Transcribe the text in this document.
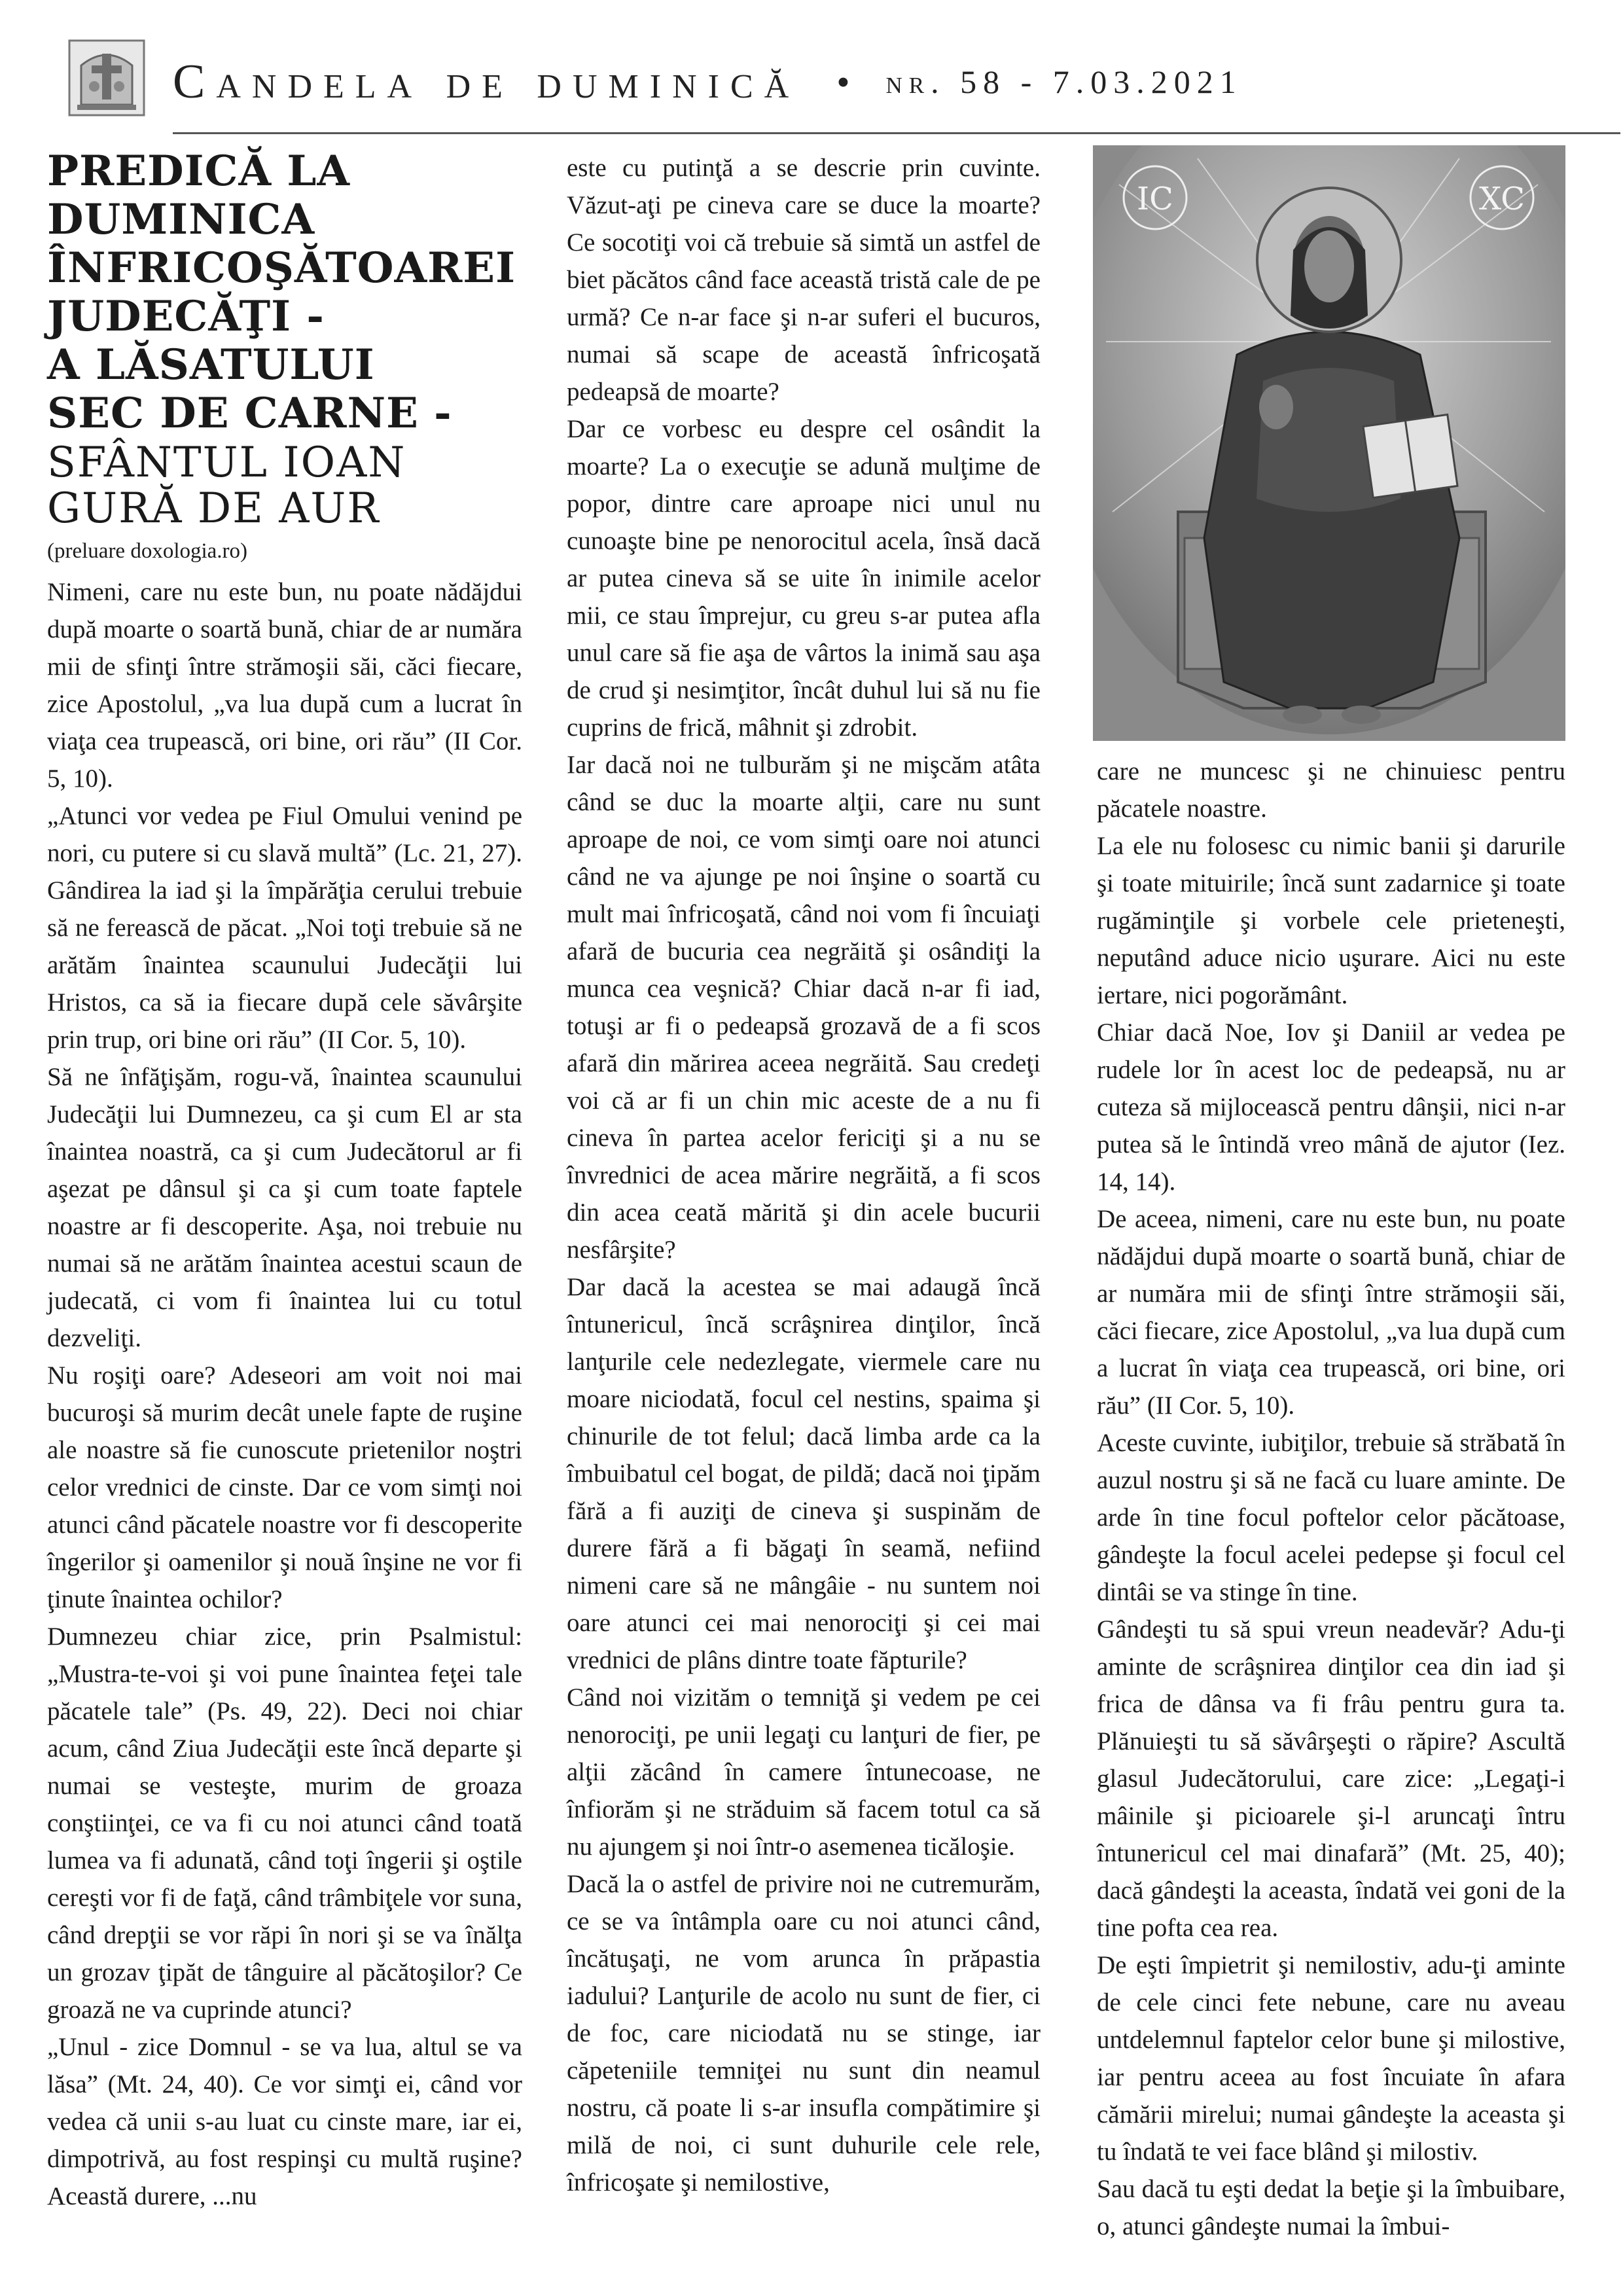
Candela de duminică • nr. 58 - 7.03.2021
PREDICĂ LA
DUMINICA
ÎNFRICOŞĂTOAREI
JUDECĂŢI -
A LĂSATULUI
SEC DE CARNE -
SFÂNTUL IOAN
GURĂ DE AUR
(preluare doxologia.ro)

Nimeni, care nu este bun, nu poate nădăjdui după moarte o soartă bună, chiar de ar număra mii de sfinţi între strămoşii săi, căci fiecare, zice Apostolul, „va lua după cum a lucrat în viaţa cea trupească, ori bine, ori rău” (II Cor. 5, 10).

„Atunci vor vedea pe Fiul Omului venind pe nori, cu putere si cu slavă multă” (Lc. 21, 27). Gândirea la iad şi la împărăţia cerului trebuie să ne ferească de păcat. „Noi toţi trebuie să ne arătăm înaintea scaunului Judecăţii lui Hristos, ca să ia fiecare după cele săvârşite prin trup, ori bine ori rău” (II Cor. 5, 10).

Să ne înfăţişăm, rogu-vă, înaintea scaunului Judecăţii lui Dumnezeu, ca şi cum El ar sta înaintea noastră, ca şi cum Judecătorul ar fi aşezat pe dânsul şi ca şi cum toate faptele noastre ar fi descoperite. Aşa, noi trebuie nu numai să ne arătăm înaintea acestui scaun de judecată, ci vom fi înaintea lui cu totul dezveliţi.

Nu roşiţi oare? Adeseori am voit noi mai bucuroşi să murim decât unele fapte de ruşine ale noastre să fie cunoscute prietenilor noştri celor vrednici de cinste. Dar ce vom simţi noi atunci când păcatele noastre vor fi descoperite îngerilor şi oamenilor şi nouă înşine ne vor fi ţinute înaintea ochilor?

Dumnezeu chiar zice, prin Psalmistul: „Mustra-te-voi şi voi pune înaintea feţei tale păcatele tale” (Ps. 49, 22). Deci noi chiar acum, când Ziua Judecăţii este încă departe şi numai se vesteşte, murim de groaza conştiinţei, ce va fi cu noi atunci când toată lumea va fi adunată, când toţi îngerii şi oştile cereşti vor fi de faţă, când trâmbiţele vor suna, când drepţii se vor răpi în nori şi se va înălţa un grozav ţipăt de tânguire al păcătoşilor? Ce groază ne va cuprinde atunci?

„Unul - zice Domnul - se va lua, altul se va lăsa” (Mt. 24, 40). Ce vor simţi ei, când vor vedea că unii s-au luat cu cinste mare, iar ei, dimpotrivă, au fost respinşi cu multă ruşine? Această durere, ...nu

este cu putinţă a se descrie prin cuvinte. Văzut-aţi pe cineva care se duce la moarte? Ce socotiţi voi că trebuie să simtă un astfel de biet păcătos când face această tristă cale de pe urmă? Ce n-ar face şi n-ar suferi el bucuros, numai să scape de această înfricoşată pedeapsă de moarte?

Dar ce vorbesc eu despre cel osândit la moarte? La o execuţie se adună mulţime de popor, dintre care aproape nici unul nu cunoaşte bine pe nenorocitul acela, însă dacă ar putea cineva să se uite în inimile acelor mii, ce stau împrejur, cu greu s-ar putea afla unul care să fie aşa de vârtos la inimă sau aşa de crud şi nesimţitor, încât duhul lui să nu fie cuprins de frică, mâhnit şi zdrobit.

Iar dacă noi ne tulburăm şi ne mişcăm atâta când se duc la moarte alţii, care nu sunt aproape de noi, ce vom simţi oare noi atunci când ne va ajunge pe noi înşine o soartă cu mult mai înfricoşată, când noi vom fi încuiaţi afară de bucuria cea negrăită şi osândiţi la munca cea veşnică? Chiar dacă n-ar fi iad, totuşi ar fi o pedeapsă grozavă de a fi scos afară din mărirea aceea negrăită. Sau credeţi voi că ar fi un chin mic aceste de a nu fi cineva în partea acelor fericiţi şi a nu se învrednici de acea mărire negrăită, a fi scos din acea ceată mărită şi din acele bucurii nesfârşite?

Dar dacă la acestea se mai adaugă încă întunericul, încă scrâşnirea dinţilor, încă lanţurile cele nedezlegate, viermele care nu moare niciodată, focul cel nestins, spaima şi chinurile de tot felul; dacă limba arde ca la îmbuibatul cel bogat, de pildă; dacă noi ţipăm fără a fi auziţi de cineva şi suspinăm de durere fără a fi băgaţi în seamă, nefiind nimeni care să ne mângâie - nu suntem noi oare atunci cei mai nenorociţi şi cei mai vrednici de plâns dintre toate făpturile?

Când noi vizităm o temniţă şi vedem pe cei nenorociţi, pe unii legaţi cu lanţuri de fier, pe alţii zăcând în camere întunecoase, ne înfiorăm şi ne străduim să facem totul ca să nu ajungem şi noi într-o asemenea ticăloşie.

Dacă la o astfel de privire noi ne cutremurăm, ce se va întâmpla oare cu noi atunci când, încătuşaţi, ne vom arunca în prăpastia iadului? Lanţurile de acolo nu sunt de fier, ci de foc, care niciodată nu se stinge, iar căpeteniile temniţei nu sunt din neamul nostru, că poate li s-ar insufla compătimire şi milă de noi, ci sunt duhurile cele rele, înfricoşate şi nemilostive,

IC	XC

care ne muncesc şi ne chinuiesc pentru păcatele noastre.

La ele nu folosesc cu nimic banii şi darurile şi toate mituirile; încă sunt zadarnice şi toate rugăminţile şi vorbele cele prieteneşti, neputând aduce nicio uşurare. Aici nu este iertare, nici pogorământ.

Chiar dacă Noe, Iov şi Daniil ar vedea pe rudele lor în acest loc de pedeapsă, nu ar cuteza să mijlocească pentru dânşii, nici n-ar putea să le întindă vreo mână de ajutor (Iez. 14, 14).

De aceea, nimeni, care nu este bun, nu poate nădăjdui după moarte o soartă bună, chiar de ar număra mii de sfinţi între strămoşii săi, căci fiecare, zice Apostolul, „va lua după cum a lucrat în viaţa cea trupească, ori bine, ori rău” (II Cor. 5, 10).

Aceste cuvinte, iubiţilor, trebuie să străbată în auzul nostru şi să ne facă cu luare aminte. De arde în tine focul poftelor celor păcătoase, gândeşte la focul acelei pedepse şi focul cel dintâi se va stinge în tine.

Gândeşti tu să spui vreun neadevăr? Adu-ţi aminte de scrâşnirea dinţilor cea din iad şi frica de dânsa va fi frâu pentru gura ta. Plănuieşti tu să săvârşeşti o răpire? Ascultă glasul Judecătorului, care zice: „Legaţi-i mâinile şi picioarele şi-l aruncaţi întru întunericul cel mai dinafară” (Mt. 25, 40); dacă gândeşti la aceasta, îndată vei goni de la tine pofta cea rea.

De eşti împietrit şi nemilostiv, adu-ţi aminte de cele cinci fete nebune, care nu aveau untdelemnul faptelor celor bune şi milostive, iar pentru aceea au fost încuiate în afara cămării mirelui; numai gândeşte la aceasta şi tu îndată te vei face blând şi milostiv.

Sau dacă tu eşti dedat la beţie şi la îmbuibare, o, atunci gândeşte numai la îmbui-
